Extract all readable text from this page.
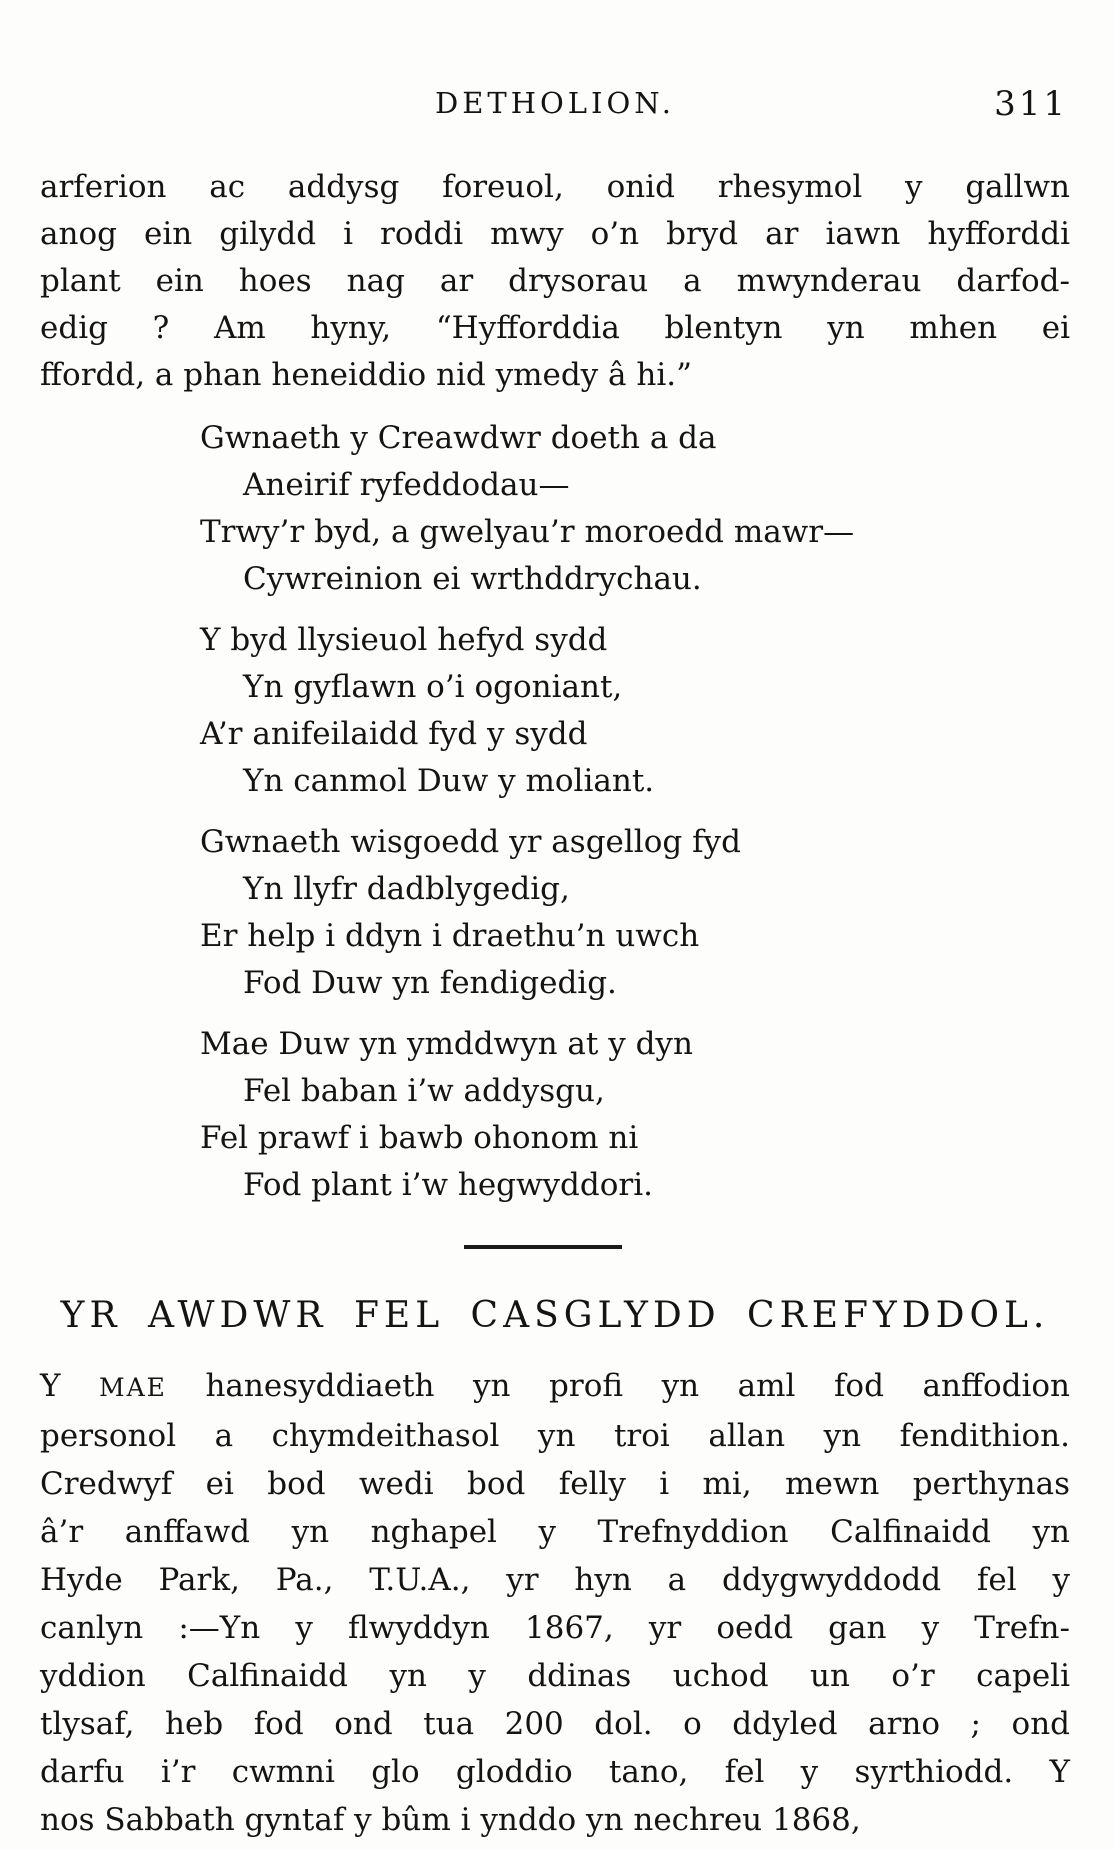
DETHOLION.	311
arferion ac addysg foreuol, onid rhesymol y gallwn
anog ein gilydd i roddi mwy o’n bryd ar iawn hyfforddi
plant ein hoes nag ar drysorau a mwynderau darfod-
edig ? Am hyny, “Hyfforddia blentyn yn mhen ei
ffordd, a phan heneiddio nid ymedy â hi.”
Gwnaeth y Creawdwr doeth a da
Aneirif ryfeddodau—
Trwy’r byd, a gwelyau’r moroedd mawr—
Cywreinion ei wrthddrychau.
Y byd llysieuol hefyd sydd
Yn gyflawn o’i ogoniant,
A’r anifeilaidd fyd y sydd
Yn canmol Duw y moliant.
Gwnaeth wisgoedd yr asgellog fyd
Yn llyfr dadblygedig,
Er help i ddyn i draethu’n uwch
Fod Duw yn fendigedig.
Mae Duw yn ymddwyn at y dyn
Fel baban i’w addysgu,
Fel prawf i bawb ohonom ni
Fod plant i’w hegwyddori.
YR AWDWR FEL CASGLYDD CREFYDDOL.
Y MAE hanesyddiaeth yn profi yn aml fod anffodion
personol a chymdeithasol yn troi allan yn fendithion.
Credwyf ei bod wedi bod felly i mi, mewn perthynas
â’r anffawd yn nghapel y Trefnyddion Calfinaidd yn
Hyde Park, Pa., T.U.A., yr hyn a ddygwyddodd fel y
canlyn :—Yn y flwyddyn 1867, yr oedd gan y Trefn-
yddion Calfinaidd yn y ddinas uchod un o’r capeli
tlysaf, heb fod ond tua 200 dol. o ddyled arno ; ond
darfu i’r cwmni glo gloddio tano, fel y syrthiodd. Y
nos Sabbath gyntaf y bûm i ynddo yn nechreu 1868,
